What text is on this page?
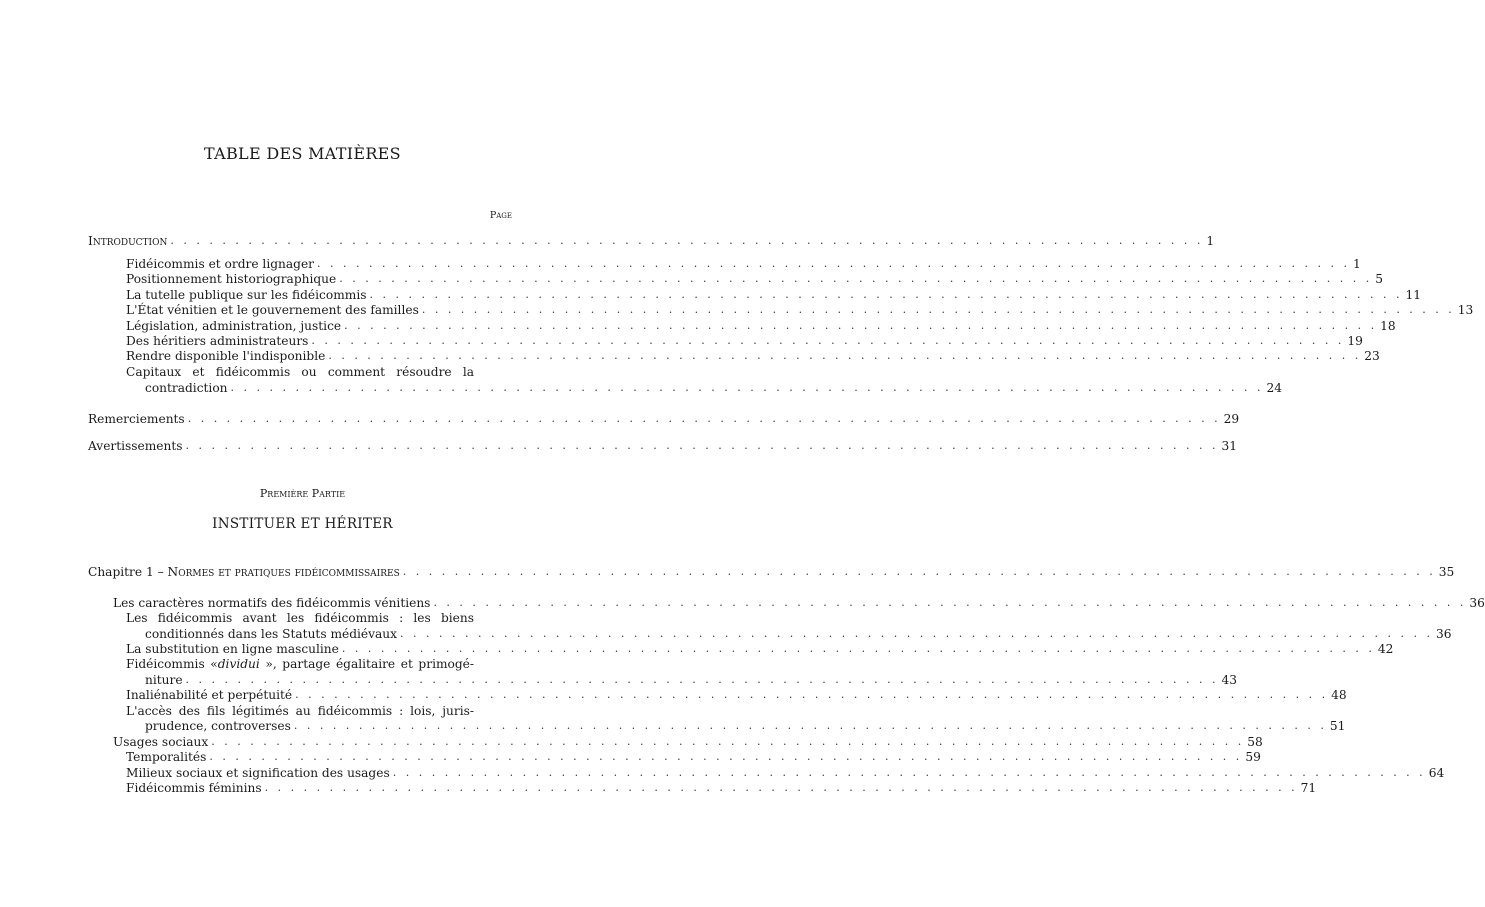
TABLE DES MATIÈRES
Page
Introduction . . . . . . . . . . . . . . . . . . . . . . . . . . . . . . . . . . . . . . . . . . . . . . . . . . . . . . . . . . . . . . . . . . . . . . . . . . . . . . . . 1
Fidéicommis et ordre lignager . . . . . . . . . . . . . . . . . . . . . . . . . . . . . . . . . . . . . . . . . . . . . . . . . . . . . . . . . . . . . . . . . . . . . . . . . . . . . . . . 1
Positionnement historiographique . . . . . . . . . . . . . . . . . . . . . . . . . . . . . . . . . . . . . . . . . . . . . . . . . . . . . . . . . . . . . . . . . . . . . . . . . . . . . . . . 5
La tutelle publique sur les fidéicommis . . . . . . . . . . . . . . . . . . . . . . . . . . . . . . . . . . . . . . . . . . . . . . . . . . . . . . . . . . . . . . . . . . . . . . . . . . . . . . . . 11
L'État vénitien et le gouvernement des familles . . . . . . . . . . . . . . . . . . . . . . . . . . . . . . . . . . . . . . . . . . . . . . . . . . . . . . . . . . . . . . . . . . . . . . . . . . . . . . . . 13
Législation, administration, justice . . . . . . . . . . . . . . . . . . . . . . . . . . . . . . . . . . . . . . . . . . . . . . . . . . . . . . . . . . . . . . . . . . . . . . . . . . . . . . . . 18
Des héritiers administrateurs . . . . . . . . . . . . . . . . . . . . . . . . . . . . . . . . . . . . . . . . . . . . . . . . . . . . . . . . . . . . . . . . . . . . . . . . . . . . . . . . 19
Rendre disponible l'indisponible . . . . . . . . . . . . . . . . . . . . . . . . . . . . . . . . . . . . . . . . . . . . . . . . . . . . . . . . . . . . . . . . . . . . . . . . . . . . . . . . 23
Capitaux et fidéicommis ou comment résoudre la
contradiction . . . . . . . . . . . . . . . . . . . . . . . . . . . . . . . . . . . . . . . . . . . . . . . . . . . . . . . . . . . . . . . . . . . . . . . . . . . . . . . . 24
Remerciements . . . . . . . . . . . . . . . . . . . . . . . . . . . . . . . . . . . . . . . . . . . . . . . . . . . . . . . . . . . . . . . . . . . . . . . . . . . . . . . . 29
Avertissements . . . . . . . . . . . . . . . . . . . . . . . . . . . . . . . . . . . . . . . . . . . . . . . . . . . . . . . . . . . . . . . . . . . . . . . . . . . . . . . . 31
Chapitre 1 – Normes et pratiques fidéicommissaires . . . . . . . . . . . . . . . . . . . . . . . . . . . . . . . . . . . . . . . . . . . . . . . . . . . . . . . . . . . . . . . . . . . . . . . . . . . . . . . . 35
Les caractères normatifs des fidéicommis vénitiens . . . . . . . . . . . . . . . . . . . . . . . . . . . . . . . . . . . . . . . . . . . . . . . . . . . . . . . . . . . . . . . . . . . . . . . . . . . . . . . . 36
Les fidéicommis avant les fidéicommis : les biens
conditionnés dans les Statuts médiévaux . . . . . . . . . . . . . . . . . . . . . . . . . . . . . . . . . . . . . . . . . . . . . . . . . . . . . . . . . . . . . . . . . . . . . . . . . . . . . . . . 36
La substitution en ligne masculine . . . . . . . . . . . . . . . . . . . . . . . . . . . . . . . . . . . . . . . . . . . . . . . . . . . . . . . . . . . . . . . . . . . . . . . . . . . . . . . . 42
Fidéicommis «dividui », partage égalitaire et primogé-
niture . . . . . . . . . . . . . . . . . . . . . . . . . . . . . . . . . . . . . . . . . . . . . . . . . . . . . . . . . . . . . . . . . . . . . . . . . . . . . . . . 43
Inaliénabilité et perpétuité . . . . . . . . . . . . . . . . . . . . . . . . . . . . . . . . . . . . . . . . . . . . . . . . . . . . . . . . . . . . . . . . . . . . . . . . . . . . . . . . 48
L'accès des fils légitimés au fidéicommis : lois, juris-
prudence, controverses . . . . . . . . . . . . . . . . . . . . . . . . . . . . . . . . . . . . . . . . . . . . . . . . . . . . . . . . . . . . . . . . . . . . . . . . . . . . . . . . 51
Usages sociaux . . . . . . . . . . . . . . . . . . . . . . . . . . . . . . . . . . . . . . . . . . . . . . . . . . . . . . . . . . . . . . . . . . . . . . . . . . . . . . . . 58
Temporalités . . . . . . . . . . . . . . . . . . . . . . . . . . . . . . . . . . . . . . . . . . . . . . . . . . . . . . . . . . . . . . . . . . . . . . . . . . . . . . . . 59
Milieux sociaux et signification des usages . . . . . . . . . . . . . . . . . . . . . . . . . . . . . . . . . . . . . . . . . . . . . . . . . . . . . . . . . . . . . . . . . . . . . . . . . . . . . . . . 64
Fidéicommis féminins . . . . . . . . . . . . . . . . . . . . . . . . . . . . . . . . . . . . . . . . . . . . . . . . . . . . . . . . . . . . . . . . . . . . . . . . . . . . . . . . 71
Première Partie
INSTITUER ET HÉRITER
